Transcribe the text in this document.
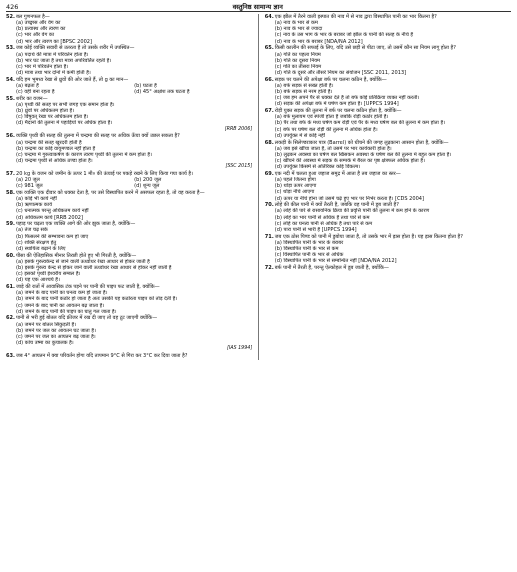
426	वस्तुनिष्ठ सामान्य ज्ञान
52. बल गुणनफल है—
(a) उच्छ्वास और वेग का
(b) प्रत्यास्थ और त्वरण का
(c) भार और वेग का
(d) भार और त्वरण का [BPSC 2002]
53. जब कोई व्यक्ति सवारी से उतरता है तो उसके शरीर में उपस्थित—
(a) पदार्थ की मात्रा में परिवर्तन होता है।
(b) भार घट जाता है तथा मात्रा अपरिवर्तित रहती है।
(c) भार में परिवर्तन होता है।
(d) मात्रा तथा भार दोनों में कमी होती है।
54. यदि हम भूमध्य रेखा से ध्रुवों की ओर जाते हैं, तो g का मान—
(a) बढ़ता है	(b) घटता है
(c) वही बना रहता है	(d) 45° अक्षांश तक घटता है
55. शरीर का वजन—
(a) पृथ्वी की सतह पर सभी जगह एक समान होता है।
(b) ध्रुवों पर अधिकतम होता है।
(c) विषुवत् रेखा पर अधिकतम होता है।
(d) मैदानों की तुलना में पहाड़ियों पर अधिक होता है।
[RRB 2006]
56. व्यक्ति पृथ्वी की सतह की तुलना में चन्द्रमा की सतह पर अधिक ऊँचा क्यों उछल सकता है?
(a) चन्द्रमा की सतह खुरदरी होती है
(b) चन्द्रमा का कोई वायुमण्डल नहीं होता है
(c) चन्द्रमा में गुरुत्वाकर्षण के कारण त्वरण पृथ्वी की तुलना में कम होता है।
(d) चन्द्रमा पृथ्वी से अधिक ठण्डा होता है।
[SSC 2015]
57. 20 kg के वजन को जमीन के ऊपर 1 मी० की ऊंचाई पर पकड़े रखने के लिए किया गया कार्य है।
(a) 20 जूल	(b) 200 जूल
(c) 981 जूल	(d) शून्य जूल
58. एक व्यक्ति एक दीवार को धक्का देता है, पर उसे विस्थापित करने में असफल रहता है, तो वह करता है—
(a) कोई भी कार्य नहीं
(b) ऋणात्मक कार्य
(c) धनात्मक परन्तु अधिकतम कार्य नहीं
(d) अधिकतम कार्य [RRB 2002]
59. पहाड़ पर चढ़ता एक व्यक्ति आगे की ओर झुक जाता है, क्योंकि—
(a) तेज चढ़ सके
(b) फिसलने की सम्भावना कम हो जाए
(c) शक्ति संरक्षण हेतु
(d) स्थायित्व बढ़ाने के लिए
60. पीसा की ऐतिहासिक मीनार तिरछी होते हुए भी गिरती है, क्योंकि—
(a) इसके गुरुत्वकेन्द्र से जाने वाली ऊर्ध्वाधर रेखा आधार से होकर जाती है
(b) इसके गुरुत्व केन्द्र से होकर जाने वाली ऊर्ध्वाधर रेखा आधार से होकर नहीं जाती है
(c) इसको पृथ्वी ईश्वरीय सम्बल है।
(d) यह एक आश्चर्य है।
61. जाड़े की रातों में आवासिक टंक पड़ने पर पानी की पाइप फट जाती है, क्योंकि—
(a) जमने के बाद पानी का घनत्व कम हो जाता है।
(b) जमने के बाद पानी कठोर हो जाता है अतः उसकी यह कठोरता पाइप को तोड़ देती है।
(c) जमने के बाद पानी का आयतन बढ़ जाता है।
(d) जमने के बाद पानी की पाइप का घातु गल जाता है।
62. पानी से भरी हुई बोतल यदि फ्रीजर में रख दी जाए तो वह टूट जाएगी क्योंकि—
(a) जमने पर बोतल सिकुड़ती है।
(b) जमने पर जल का आयतन घट जाता है।
(c) जमने पर जल का आयतन बढ़ जाता है।
(d) कांच उष्मा का कुचालक है।
[IAS 1994]
63. जब 4° आयतन में क्या परिवर्तन होगा यदि तापमान 9°C से गिरा कर 3°C कर दिया जाता है?
64. एक झील में तैरने वाली इस्पात की नाव में से नाव द्वारा विस्थापित पानी का भार कितना है?
(a) नाव के भार से कम
(b) नाव के भार से ज्यादा
(c) नाव के उस भाग के भार के बराबर जो झील के पानी की सतह के नीचे है
(d) नाव के भार के बराबर [NDA/NA 2012]
65. किसी कालीन की सफाई के लिए, यदि उसे छड़ी से पीटा जाए, तो उसमें कौन सा नियम लागू होता है?
(a) गति का पहला नियम
(b) गति का दूसरा नियम
(c) गति का तीसरा नियम
(d) गति के दूसरे और तीसरे नियम का संयोजन [SSC 2011, 2013]
66. सड़क पर चलने की अपेक्षा बर्फ पर चलना कठिन है, क्योंकि—
(a) बर्फ सड़क से सख्त होती है।
(b) बर्फ सड़क से नरम होती है।
(c) जब हम अपने पैर से धक्का देते हैं तो बर्फ कोई प्रतिक्रिया व्यक्त नहीं करती।
(d) सड़क की अपेक्षा बर्फ में घर्षण कम होता है। [UPPCS 1994]
67. रोड़ी युक्त सड़क की तुलना में बर्फ पर चलना कठिन होता है, क्योंकि—
(a) बर्फ मुलायम एवं स्पंजी होता है जबकि रोड़ी कठोर होती है।
(b) पैर तथा बर्फ के मध्य घर्षण कम रोड़ी एवं पैर के मध्य घर्षण बल की तुलना में कम होता है।
(c) बर्फ पर घर्षण बल रोड़ी की तुलना में अधिक होता है।
(d) उपर्युक्त में से कोई नहीं
68. लकड़ी के सिलेण्डराकार पात्र (Barrel) को धीचने की जगह लुढ़काना आसान होता है, क्योंकि—
(a) जब इसे खींचा जाता है, तो उसमें पर भार कार्यकारी होता है।
(b) लुढ़कन अवस्था का घर्षण बल खिसकन अवस्था के घर्षण बल की तुलना में बहुत कम होता है।
(c) खींचने की अवस्था में सड़क के सम्पर्क में बैरल का पृष्ठ क्षेत्रफल अधिक होता है।
(d) उपर्युक्त किसमें से अतिरिक्त कोई विकल्प।
69. एक नदी में चलता हुआ जहाज समुद्र में आता है तब जहाज का स्तर—
(a) पहले जितना होगा
(b) थोड़ा ऊपर आएगा
(c) थोड़ा नीचे आएगा
(d) ऊपर या नीचे होना जो उसमें चढ़े हुए भार पर निर्भर करता है। [CDS 2004]
70. लोहे की कील पानी में क्यों तैरती है, जबकि वह पानी में डूब जाती है?
(a) लोहे की पारे से रासायनिक क्रिया की प्रवृत्ति पानी की तुलना में कम होने के कारण
(b) लोहे का भार पानी से अधिक है तथा पारे से कम
(c) लोहे का घनत्व पानी से अधिक है तथा पारे से कम
(d) पारा पानी से भारी है [UPPCS 1994]
71. जब एक ठोस पिण्ड को पानी में डुबोया जाता है, तो उसके भार में ह्रास होता है। यह ह्रास कितना होता है?
(a) विस्थापित पानी के भार के बराबर
(b) विस्थापित पानी के भार से कम
(c) विस्थापित पानी के भार से अधिक
(d) विस्थापित पानी के भार से सम्बन्धित नहीं [NDA/NA 2012]
72. बर्फ पानी में तैरती है, परन्तु ऐल्कोहल में डूब जाती है, क्योंकि—
